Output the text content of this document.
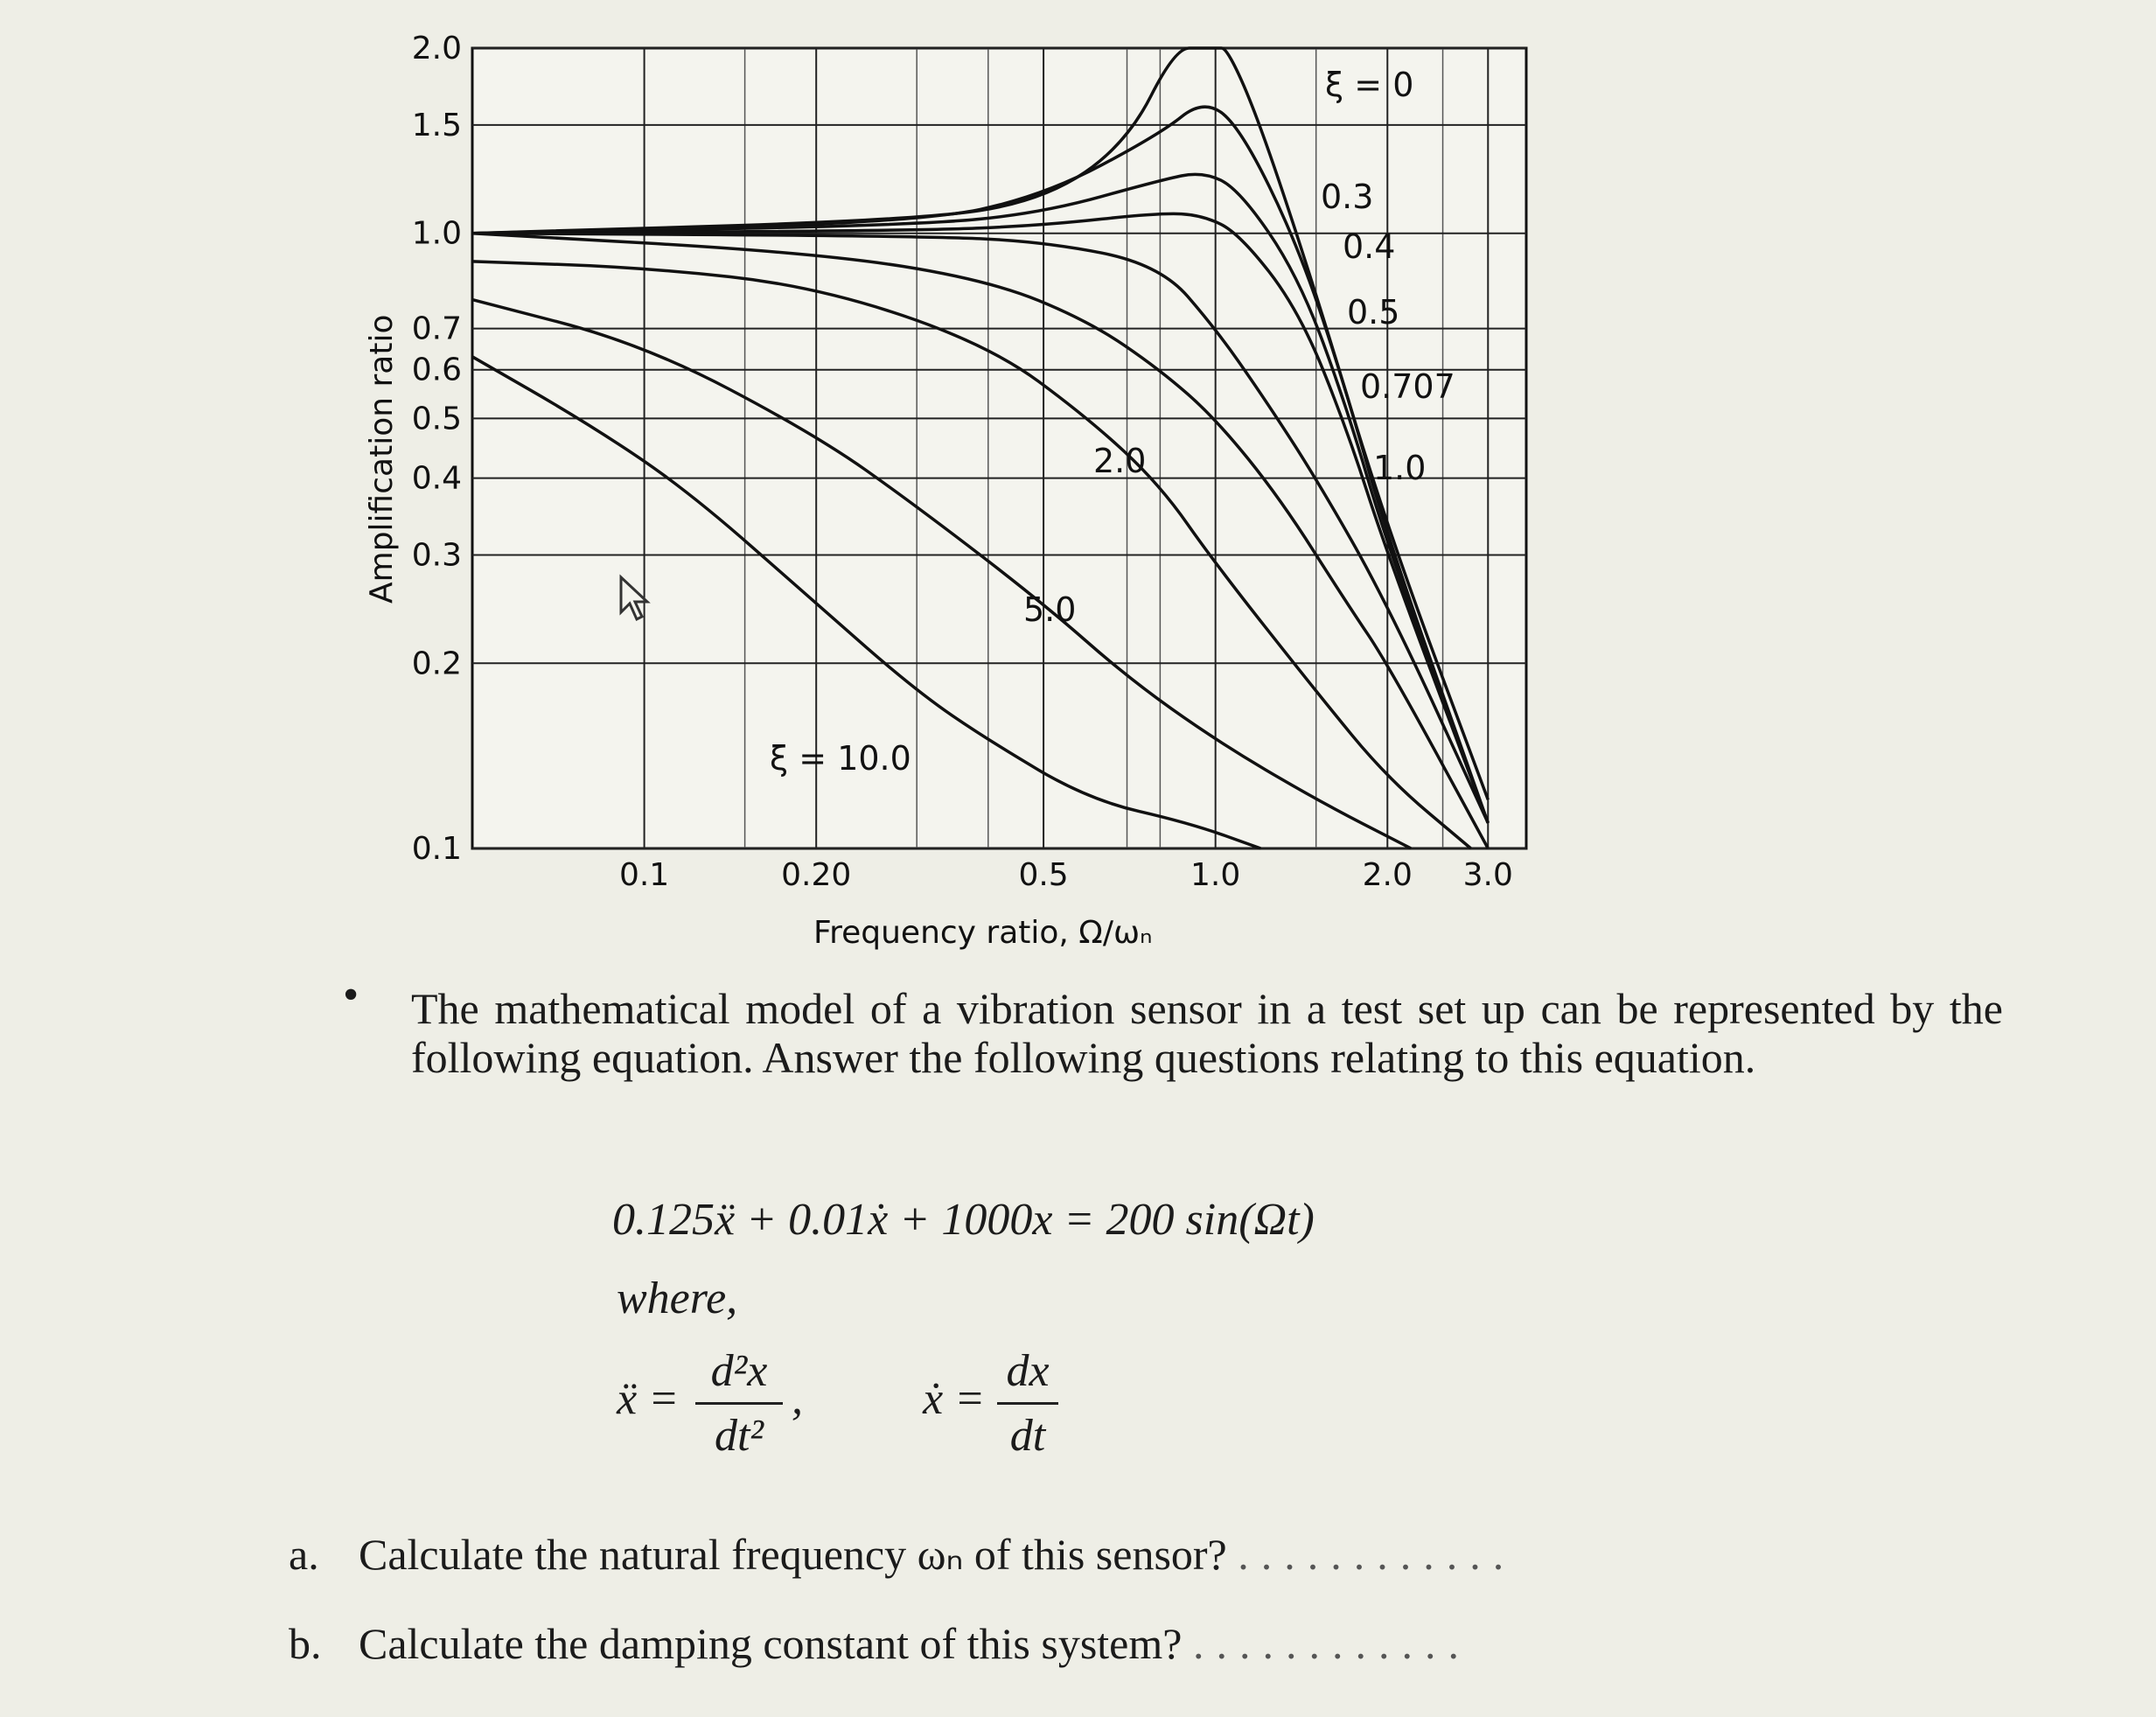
0.1	0.20	0.5	1.0	2.0 3.0
2.0
1.5
1.0
0.7
0.6
0.5
0.4
0.3
0.2
0.1
ξ = 0
0.3
0.4
0.5
0.707
1.0
2.0
5.0
ξ = 10.0
Frequency ratio, Ω/ωₙ
Amplification ratio
• The mathematical model of a vibration sensor in a test set up can be represented by the following equation. Answer the following questions relating to this equation.
0.125ẍ + 0.01ẋ + 1000x = 200 sin(Ωt)
where,
ẍ =
d²x
dt²
,	ẋ =
dx
dt
a. Calculate the natural frequency ωₙ of this sensor? ............
b. Calculate the damping constant of this system? ............
